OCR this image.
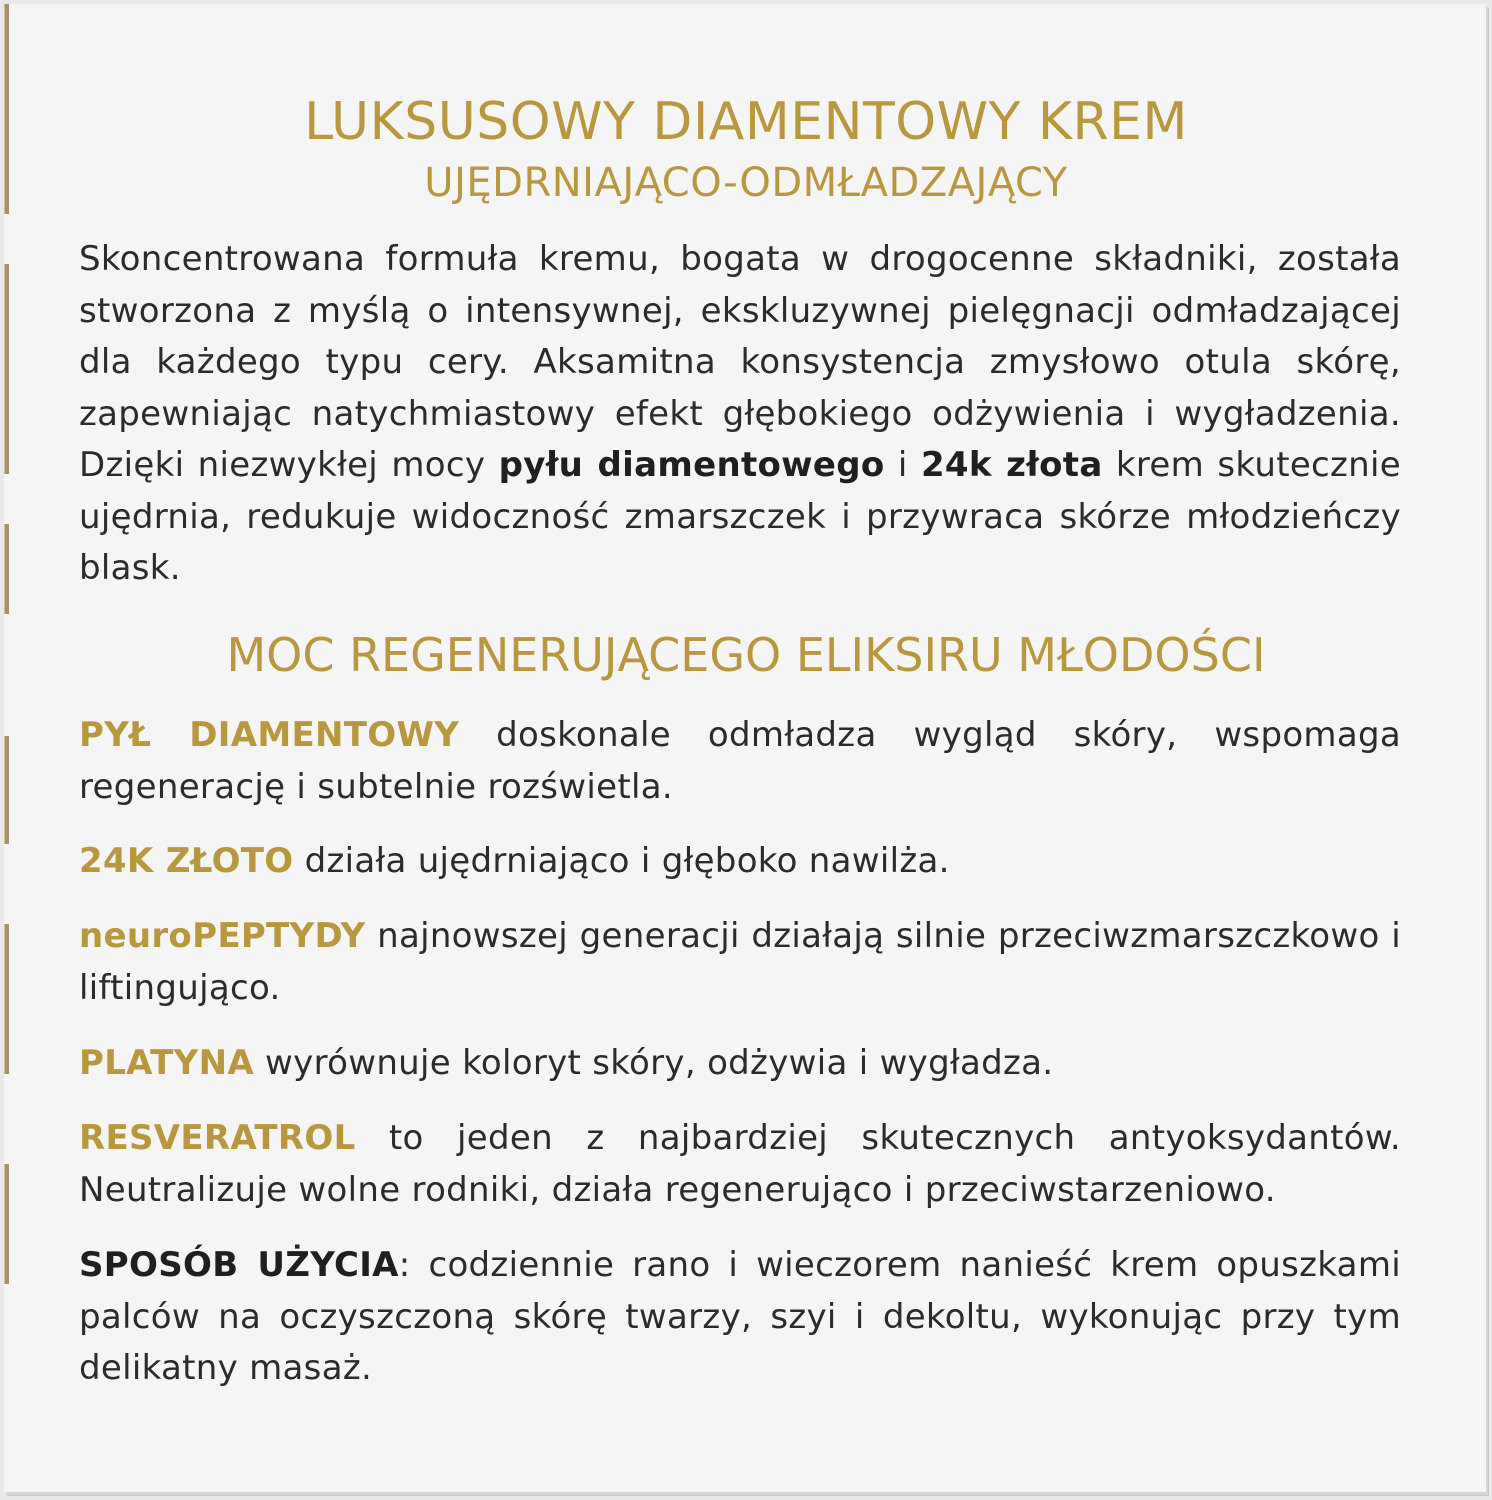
LUKSUSOWY DIAMENTOWY KREM
UJĘDRNIAJĄCO-ODMŁADZAJĄCY
Skoncentrowana formuła kremu, bogata w drogocenne składniki, została stworzona z myślą o intensywnej, ekskluzywnej pielęgnacji odmładzającej dla każdego typu cery. Aksamitna konsystencja zmysłowo otula skórę, zapewniając natychmiastowy efekt głębokiego odżywienia i wygładzenia. Dzięki niezwykłej mocy pyłu diamentowego i 24k złota krem skutecznie ujędrnia, redukuje widoczność zmarszczek i przywraca skórze młodzieńczy blask.
MOC REGENERUJĄCEGO ELIKSIRU MŁODOŚCI
PYŁ DIAMENTOWY doskonale odmładza wygląd skóry, wspomaga regenerację i subtelnie rozświetla.
24K ZŁOTO działa ujędrniająco i głęboko nawilża.
neuroPEPTYDY najnowszej generacji działają silnie przeciwzmarszczkowo i liftingująco.
PLATYNA wyrównuje koloryt skóry, odżywia i wygładza.
RESVERATROL to jeden z najbardziej skutecznych antyoksydantów. Neutralizuje wolne rodniki, działa regenerująco i przeciwstarzeniowo.
SPOSÓB UŻYCIA: codziennie rano i wieczorem nanieść krem opuszkami palców na oczyszczoną skórę twarzy, szyi i dekoltu, wykonując przy tym delikatny masaż.
